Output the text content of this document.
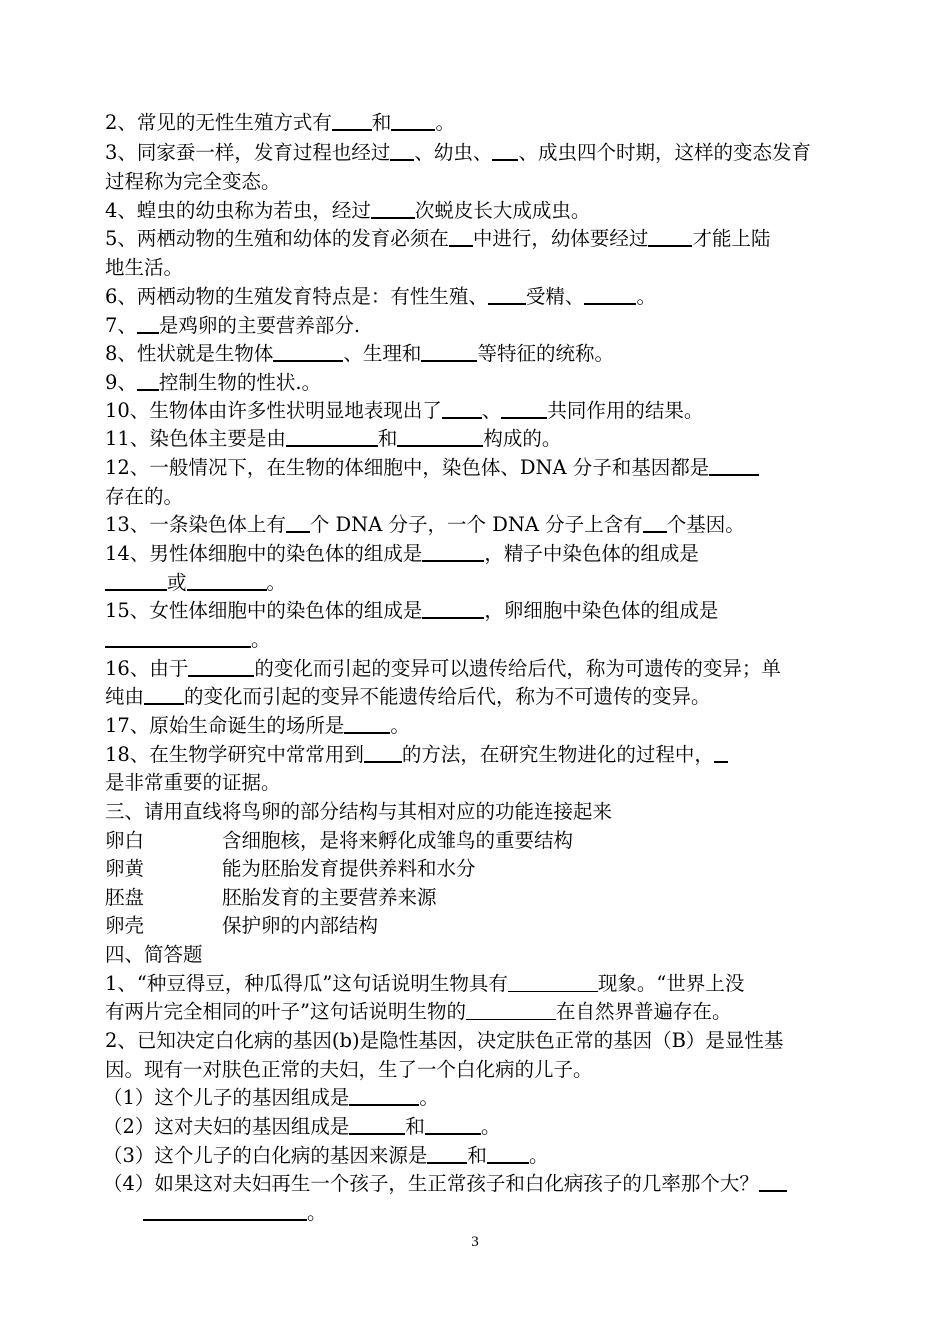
2、常见的无性生殖方式有 和 。
3、同家蚕一样，发育过程也经过 、幼虫、 、成虫四个时期，这样的变态发育
过程称为完全变态。
4、蝗虫的幼虫称为若虫，经过 次蜕皮长大成成虫。
5、两栖动物的生殖和幼体的发育必须在 中进行，幼体要经过 才能上陆
地生活。
6、两栖动物的生殖发育特点是：有性生殖、 受精、	。
7、 是鸡卵的主要营养部分.
8、性状就是生物体	、生理和	等特征的统称。
9、 控制生物的性状.。
10、生物体由许多性状明显地表现出了 、 共同作用的结果。
11、染色体主要是由	和	构成的。
12、一般情况下，在生物的体细胞中，染色体、DNA 分子和基因都是
存在的。
13、一条染色体上有 个 DNA 分子，一个 DNA 分子上含有 个基因。
14、男性体细胞中的染色体的组成是	，精子中染色体的组成是
或	。
15、女性体细胞中的染色体的组成是	，卵细胞中染色体的组成是
。
16、由于	的变化而引起的变异可以遗传给后代，称为可遗传的变异；单
纯由 的变化而引起的变异不能遗传给后代，称为不可遗传的变异。
17、原始生命诞生的场所是 。
18、在生物学研究中常常用到 的方法，在研究生物进化的过程中，
是非常重要的证据。
三、请用直线将鸟卵的部分结构与其相对应的功能连接起来
卵白	含细胞核，是将来孵化成雏鸟的重要结构
卵黄	能为胚胎发育提供养料和水分
胚盘	胚胎发育的主要营养来源
卵壳	保护卵的内部结构
四、简答题
1、“种豆得豆，种瓜得瓜”这句话说明生物具有	现象。“世界上没
有两片完全相同的叶子”这句话说明生物的	在自然界普遍存在。
2、已知决定白化病的基因(b)是隐性基因，决定肤色正常的基因（B）是显性基
因。现有一对肤色正常的夫妇，生了一个白化病的儿子。
（1）这个儿子的基因组成是	。
（2）这对夫妇的基因组成是	和	。
（3）这个儿子的白化病的基因来源是 和 。
（4）如果这对夫妇再生一个孩子，生正常孩子和白化病孩子的几率那个大？
。
3
